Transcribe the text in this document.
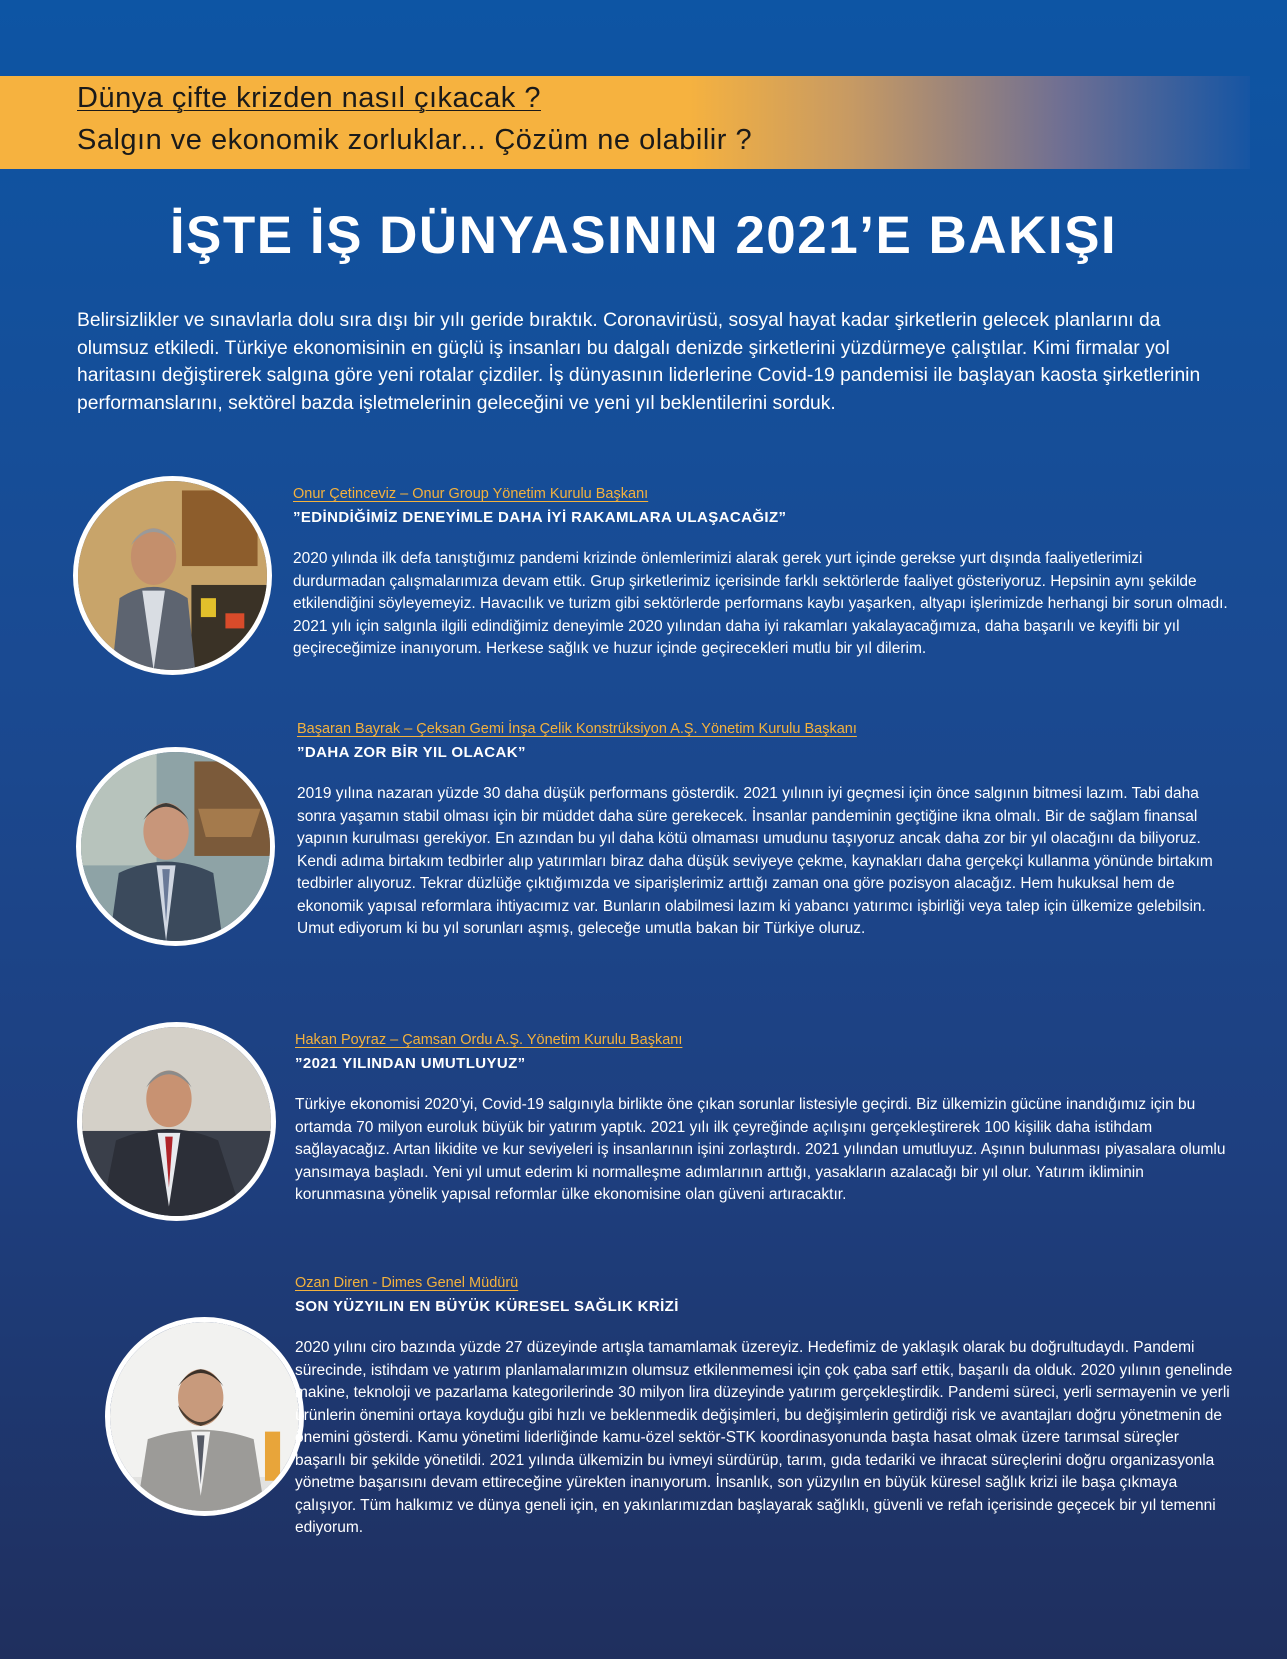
Dünya çifte krizden nasıl çıkacak ?
Salgın ve ekonomik zorluklar... Çözüm ne olabilir ?
İŞTE İŞ DÜNYASININ 2021’E BAKIŞI
Belirsizlikler ve sınavlarla dolu sıra dışı bir yılı geride bıraktık. Coronavirüsü, sosyal hayat kadar şirketlerin gelecek planlarını da olumsuz etkiledi. Türkiye ekonomisinin en güçlü iş insanları bu dalgalı denizde şirketlerini yüzdürmeye çalıştılar. Kimi firmalar yol haritasını değiştirerek salgına göre yeni rotalar çizdiler. İş dünyasının liderlerine Covid-19 pandemisi ile başlayan kaosta şirketlerinin performanslarını, sektörel bazda işletmelerinin geleceğini ve yeni yıl beklentilerini sorduk.
Onur Çetinceviz – Onur Group Yönetim Kurulu Başkanı
”EDİNDİĞİMİZ DENEYİMLE DAHA İYİ RAKAMLARA ULAŞACAĞIZ”
2020 yılında ilk defa tanıştığımız pandemi krizinde önlemlerimizi alarak gerek yurt içinde gerekse yurt dışında faaliyetlerimizi durdurmadan çalışmalarımıza devam ettik. Grup şirketlerimiz içerisinde farklı sektörlerde faaliyet gösteriyoruz. Hepsinin aynı şekilde etkilendiğini söyleyemeyiz. Havacılık ve turizm gibi sektörlerde performans kaybı yaşarken, altyapı işlerimizde herhangi bir sorun olmadı. 2021 yılı için salgınla ilgili edindiğimiz deneyimle 2020 yılından daha iyi rakamları yakalayacağımıza, daha başarılı ve keyifli bir yıl geçireceğimize inanıyorum. Herkese sağlık ve huzur içinde geçirecekleri mutlu bir yıl dilerim.
Başaran Bayrak – Çeksan Gemi İnşa Çelik Konstrüksiyon A.Ş. Yönetim Kurulu Başkanı
”DAHA ZOR BİR YIL OLACAK”
2019 yılına nazaran yüzde 30 daha düşük performans gösterdik. 2021 yılının iyi geçmesi için önce salgının bitmesi lazım. Tabi daha sonra yaşamın stabil olması için bir müddet daha süre gerekecek. İnsanlar pandeminin geçtiğine ikna olmalı. Bir de sağlam finansal yapının kurulması gerekiyor. En azından bu yıl daha kötü olmaması umudunu taşıyoruz ancak daha zor bir yıl olacağını da biliyoruz. Kendi adıma birtakım tedbirler alıp yatırımları biraz daha düşük seviyeye çekme, kaynakları daha gerçekçi kullanma yönünde birtakım tedbirler alıyoruz. Tekrar düzlüğe çıktığımızda ve siparişlerimiz arttığı zaman ona göre pozisyon alacağız. Hem hukuksal hem de ekonomik yapısal reformlara ihtiyacımız var. Bunların olabilmesi lazım ki yabancı yatırımcı işbirliği veya talep için ülkemize gelebilsin. Umut ediyorum ki bu yıl sorunları aşmış, geleceğe umutla bakan bir Türkiye oluruz.
Hakan Poyraz – Çamsan Ordu A.Ş. Yönetim Kurulu Başkanı
”2021 YILINDAN UMUTLUYUZ”
Türkiye ekonomisi 2020’yi, Covid-19 salgınıyla birlikte öne çıkan sorunlar listesiyle geçirdi. Biz ülkemizin gücüne inandığımız için bu ortamda 70 milyon euroluk büyük bir yatırım yaptık. 2021 yılı ilk çeyreğinde açılışını gerçekleştirerek 100 kişilik daha istihdam sağlayacağız. Artan likidite ve kur seviyeleri iş insanlarının işini zorlaştırdı. 2021 yılından umutluyuz. Aşının bulunması piyasalara olumlu yansımaya başladı. Yeni yıl umut ederim ki normalleşme adımlarının arttığı, yasakların azalacağı bir yıl olur. Yatırım ikliminin korunmasına yönelik yapısal reformlar ülke ekonomisine olan güveni artıracaktır.
Ozan Diren - Dimes Genel Müdürü
SON YÜZYILIN EN BÜYÜK KÜRESEL SAĞLIK KRİZİ
2020 yılını ciro bazında yüzde 27 düzeyinde artışla tamamlamak üzereyiz. Hedefimiz de yaklaşık olarak bu doğrultudaydı. Pandemi sürecinde, istihdam ve yatırım planlamalarımızın olumsuz etkilenmemesi için çok çaba sarf ettik, başarılı da olduk. 2020 yılının genelinde makine, teknoloji ve pazarlama kategorilerinde 30 milyon lira düzeyinde yatırım gerçekleştirdik. Pandemi süreci, yerli sermayenin ve yerli ürünlerin önemini ortaya koyduğu gibi hızlı ve beklenmedik değişimleri, bu değişimlerin getirdiği risk ve avantajları doğru yönetmenin de önemini gösterdi. Kamu yönetimi liderliğinde kamu-özel sektör-STK koordinasyonunda başta hasat olmak üzere tarımsal süreçler başarılı bir şekilde yönetildi. 2021 yılında ülkemizin bu ivmeyi sürdürüp, tarım, gıda tedariki ve ihracat süreçlerini doğru organizasyonla yönetme başarısını devam ettireceğine yürekten inanıyorum. İnsanlık, son yüzyılın en büyük küresel sağlık krizi ile başa çıkmaya çalışıyor. Tüm halkımız ve dünya geneli için, en yakınlarımızdan başlayarak sağlıklı, güvenli ve refah içerisinde geçecek bir yıl temenni ediyorum.
